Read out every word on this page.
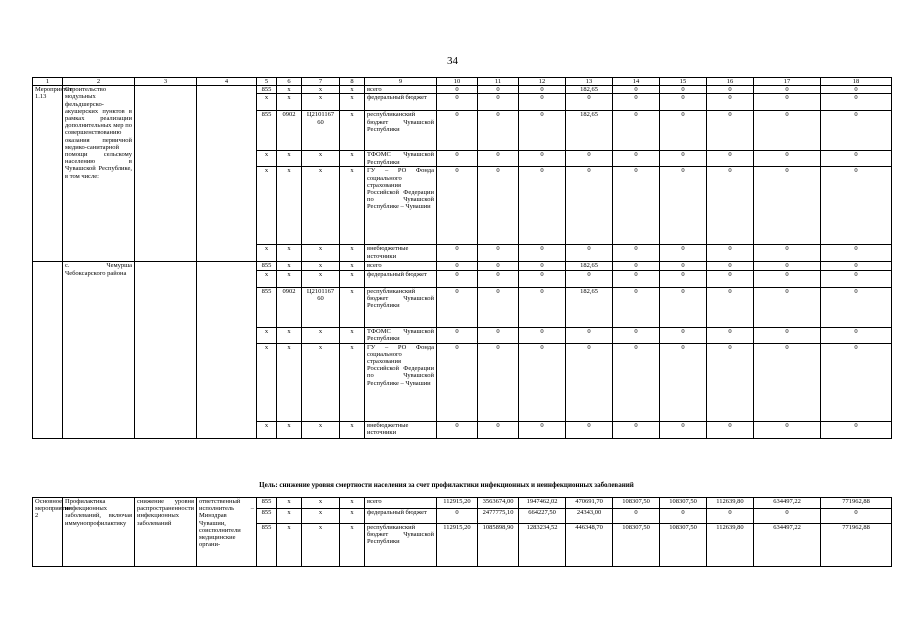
34
1	2	3	4	5	6	7	8	9	10	11	12	13	14	15	16	17	18
Мероприятие 1.13	Строительство модульных фельдшерско-акушерских пунктов в рамках реализации дополнительных мер по совершенствованию оказания первичной медико-санитарной помощи сельскому населению в Чувашской Республике, в том числе:			855	х	х	х	всего	0	0	0	182,65	0	0	0	0	0
				х	х	х	х	федеральный бюджет	0	0	0	0	0	0	0	0	0
				855	0902	Ц2101167 60	х	республиканский бюджет Чувашской Республики	0	0	0	182,65	0	0	0	0	0
				х	х	х	х	ТФОМС Чувашской Республики	0	0	0	0	0	0	0	0	0
				х	х	х	х	ГУ – РО Фонда социального страхования Российской Федерации по Чувашской Республике – Чувашии	0	0	0	0	0	0	0	0	0
				х	х	х	х	внебюджетные источники	0	0	0	0	0	0	0	0	0
	с. Чемурша Чебоксарского района			855	х	х	х	всего	0	0	0	182,65	0	0	0	0	0
				х	х	х	х	федеральный бюджет	0	0	0	0	0	0	0	0	0
				855	0902	Ц2101167 60	х	республиканский бюджет Чувашской Республики	0	0	0	182,65	0	0	0	0	0
				х	х	х	х	ТФОМС Чувашской Республики	0	0	0	0	0	0	0	0	0
				х	х	х	х	ГУ – РО Фонда социального страхования Российской Федерации по Чувашской Республике – Чувашии	0	0	0	0	0	0	0	0	0
				х	х	х	х	внебюджетные источники	0	0	0	0	0	0	0	0	0
Цель: снижение уровня смертности населения за счет профилактики инфекционных и неинфекционных заболеваний
Основное мероприятие 2	Профилактика инфекционных заболеваний, включая иммунопрофилактику	снижение уровня распространенности инфекционных заболеваний	ответственный исполнитель – Минздрав Чувашии, соисполнители медицинские органи-	855	х	х	х	всего	112915,20	3563674,00	1947462,02	470691,70	108307,50	108307,50	112639,80	634497,22	771962,88
				855	х	х	х	федеральный бюджет	0	2477775,10	664227,50	24343,00	0	0	0	0	0
				855	х	х	х	республиканский бюджет Чувашской Республики	112915,20	1085898,90	1283234,52	446348,70	108307,50	108307,50	112639,80	634497,22	771962,88
